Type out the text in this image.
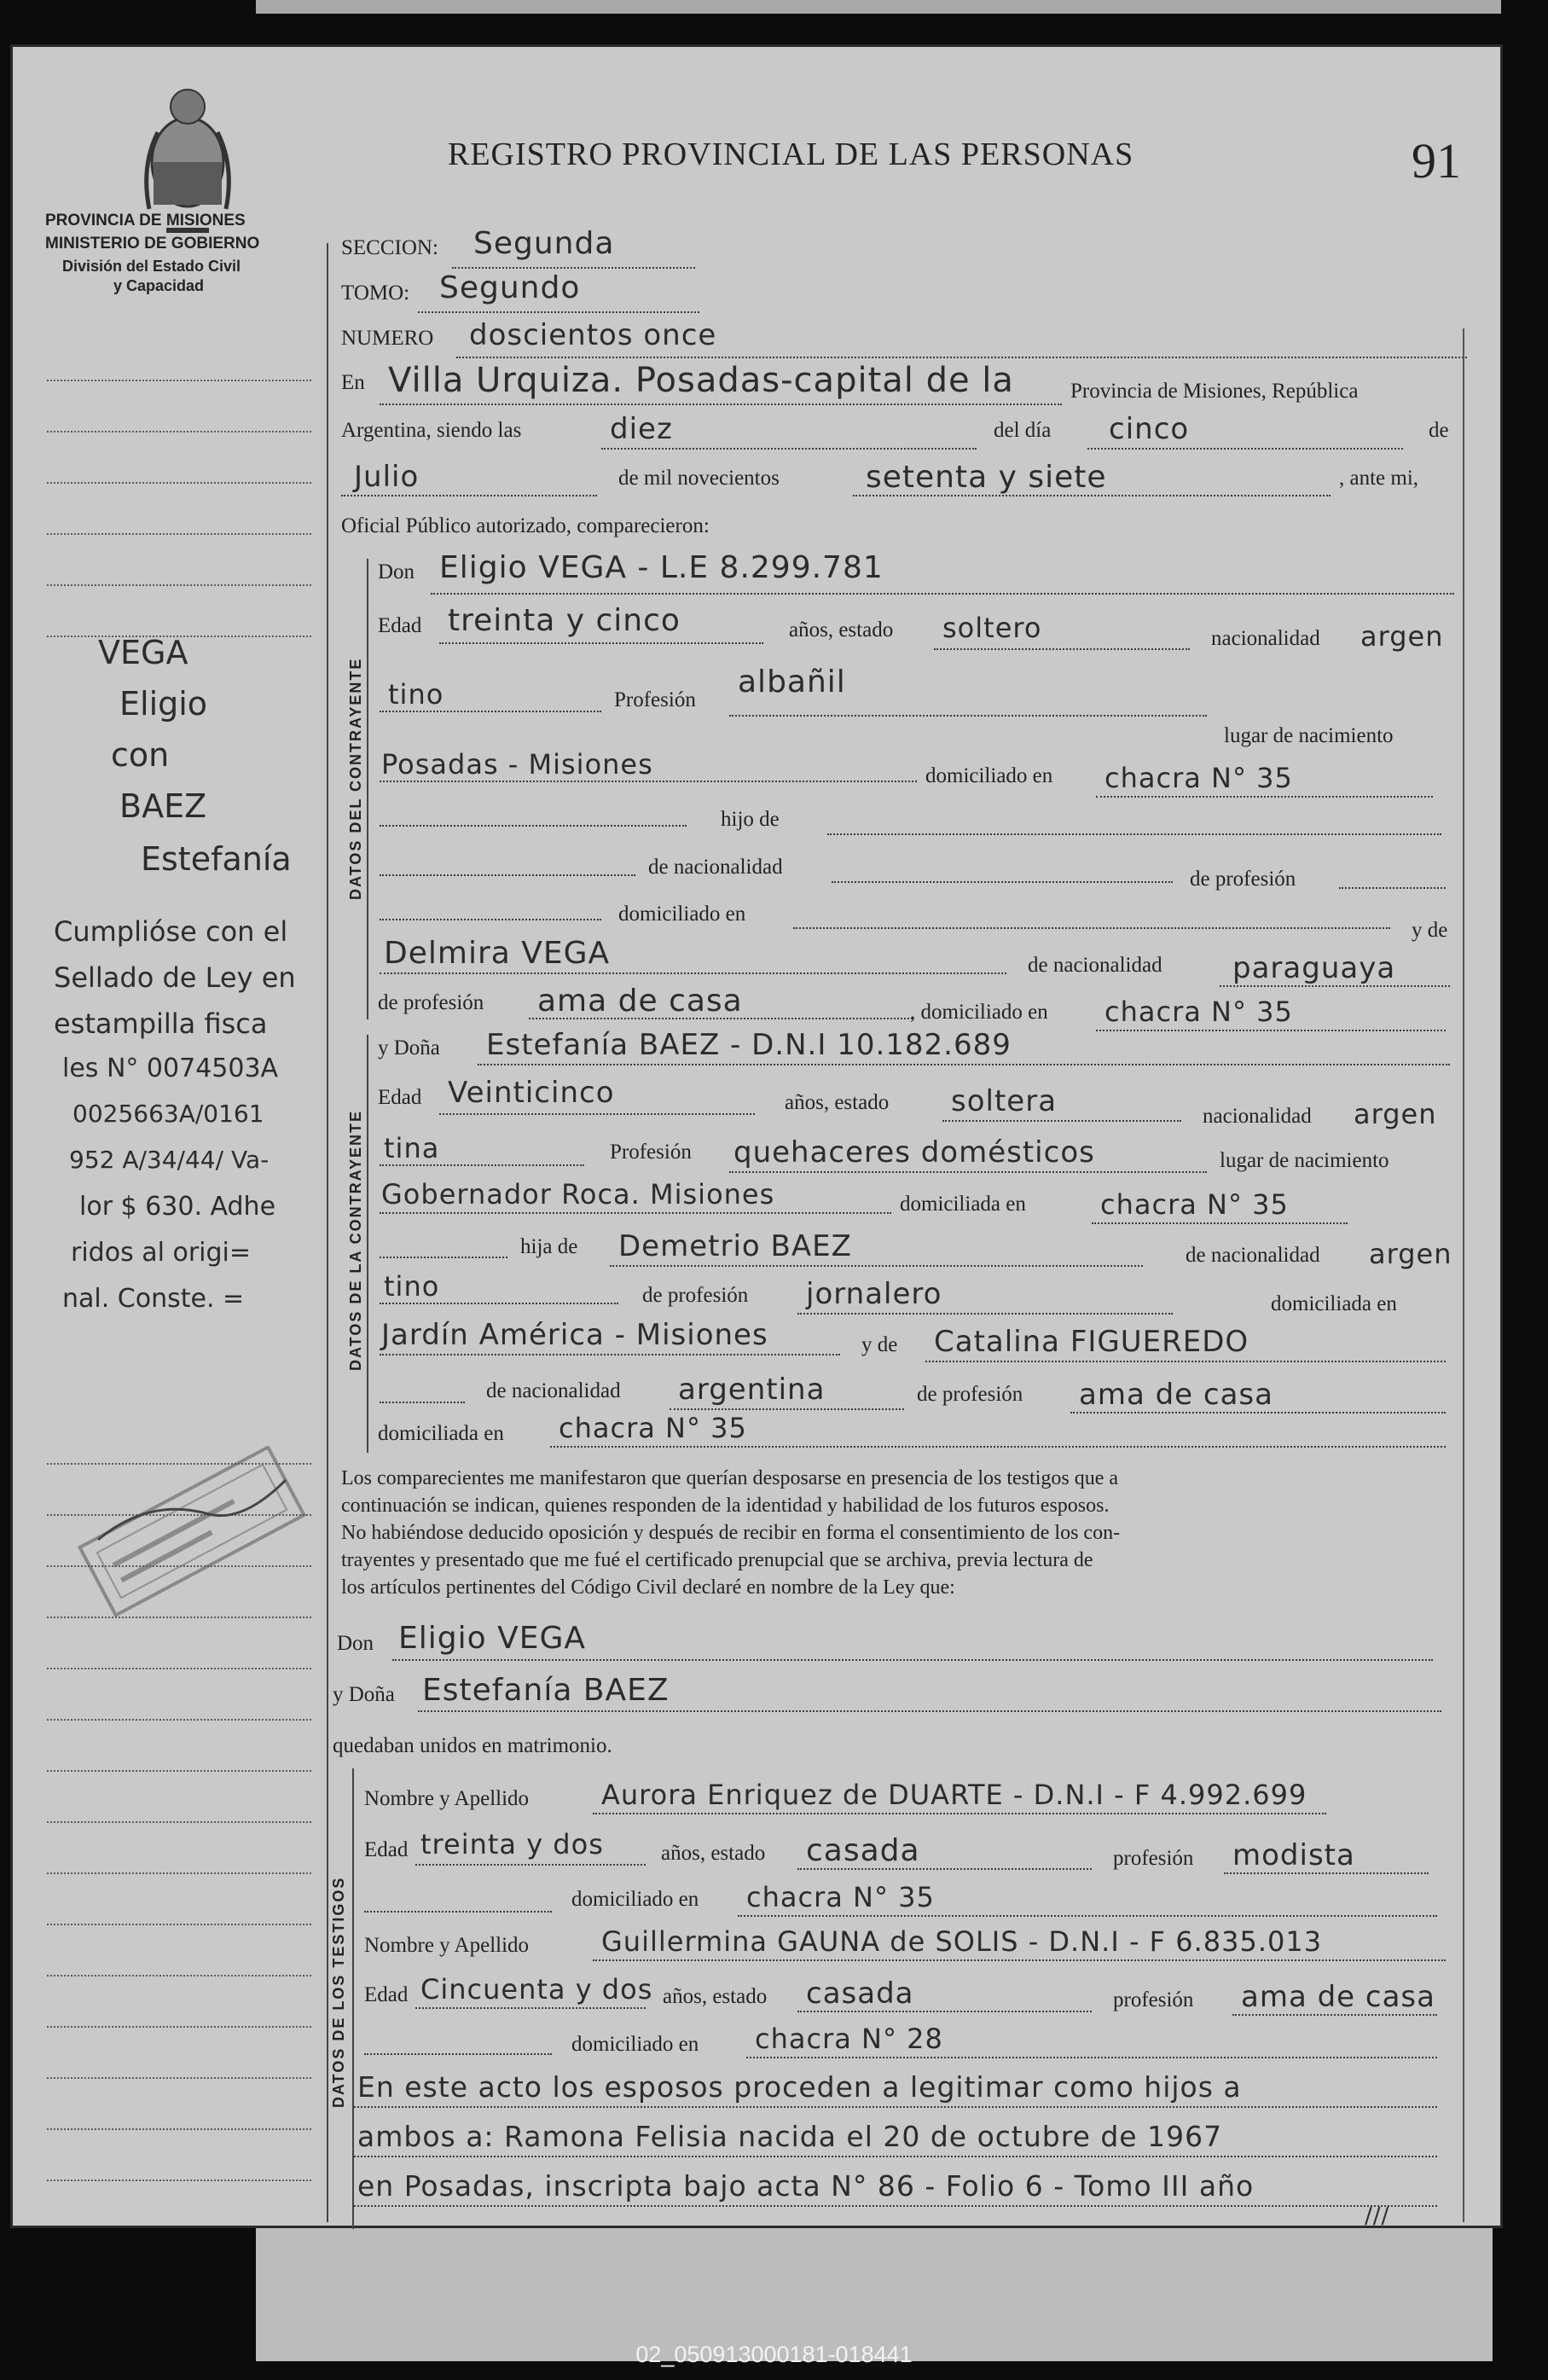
PROVINCIA DE MISIONES
MINISTERIO DE GOBIERNO
División del Estado Civil
y Capacidad
REGISTRO PROVINCIAL DE LAS PERSONAS	91
VEGA
Eligio
con
BAEZ
Estefanía
Cumplióse con el
Sellado de Ley en
estampilla fisca
les N° 0074503A
0025663A/0161
952 A/34/44/ Va-
lor $ 630. Adhe
ridos al origi=
nal. Conste. =
SECCION: Segunda
TOMO: Segundo
NUMERO doscientos once
En Villa Urquiza. Posadas-capital de la	Provincia de Misiones, República
Argentina, siendo las	diez	del día cinco	de
Julio	de mil novecientos	setenta y siete	, ante mi,
Oficial Público autorizado, comparecieron:
DATOS DEL CONTRAYENTE
Don Eligio VEGA - L.E 8.299.781
Edad treinta y cinco	años, estado soltero	nacionalidad argen
tino	Profesión
albañil
lugar de nacimiento
Posadas - Misiones	domiciliado en chacra N° 35
hijo de
de nacionalidad
de profesión
domiciliado en
y de
Delmira VEGA	de nacionalidad paraguaya
de profesión ama de casa	, domiciliado en chacra N° 35
DATOS DE LA CONTRAYENTE
y Doña Estefanía BAEZ - D.N.I 10.182.689
Edad Veinticinco	años, estado soltera	nacionalidad argen
tina	Profesión quehaceres domésticos	lugar de nacimiento
Gobernador Roca. Misiones	domiciliada en	chacra N° 35
hija de Demetrio BAEZ	de nacionalidad argen
tino	de profesión jornalero	domiciliada en
Jardín América - Misiones	y de Catalina FIGUEREDO
de nacionalidad argentina	de profesión ama de casa
domiciliada en chacra N° 35
Los comparecientes me manifestaron que querían desposarse en presencia de los testigos que a
continuación se indican, quienes responden de la identidad y habilidad de los futuros esposos.
No habiéndose deducido oposición y después de recibir en forma el consentimiento de los con-
trayentes y presentado que me fué el certificado prenupcial que se archiva, previa lectura de
los artículos pertinentes del Código Civil declaré en nombre de la Ley que:
Don Eligio VEGA
y Doña Estefanía BAEZ
quedaban unidos en matrimonio.
DATOS DE LOS TESTIGOS
Nombre y Apellido	Aurora Enriquez de DUARTE - D.N.I - F 4.992.699
Edad treinta y dos	años, estado casada	profesión modista
domiciliado en chacra N° 35
Nombre y Apellido	Guillermina GAUNA de SOLIS - D.N.I - F 6.835.013
Edad Cincuenta y dos años, estado casada	profesión ama de casa
domiciliado en chacra N° 28
En este acto los esposos proceden a legitimar como hijos a
ambos a: Ramona Felisia nacida el 20 de octubre de 1967
en Posadas, inscripta bajo acta N° 86 - Folio 6 - Tomo III año
///
02_050913000181-018441
